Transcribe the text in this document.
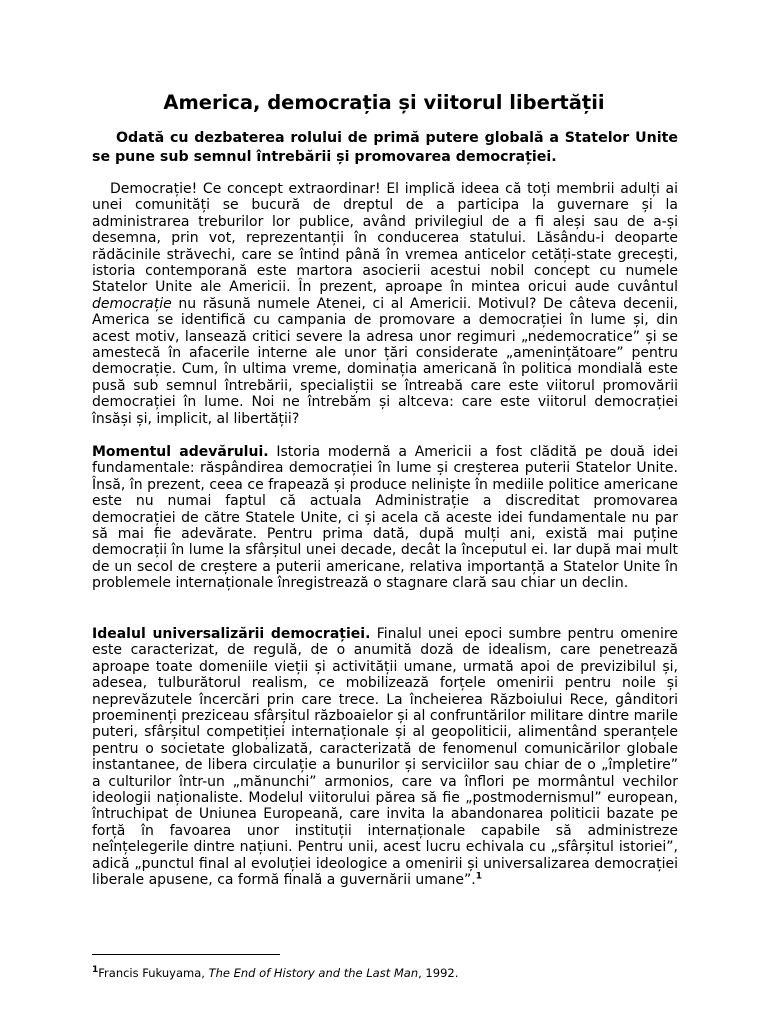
America, democrația și viitorul libertății

Odată cu dezbaterea rolului de primă putere globală a Statelor Unite se pune sub semnul întrebării și promovarea democrației.

Democrație! Ce concept extraordinar! El implică ideea că toți membrii adulți ai unei comunități se bucură de dreptul de a participa la guvernare și la administrarea treburilor lor publice, având privilegiul de a fi aleși sau de a-și desemna, prin vot, reprezentanții în conducerea statului. Lăsându-i deoparte rădăcinile străvechi, care se întind până în vremea anticelor cetăți-state grecești, istoria contemporană este martora asocierii acestui nobil concept cu numele Statelor Unite ale Americii. În prezent, aproape în mintea oricui aude cuvântul democrație nu răsună numele Atenei, ci al Americii. Motivul? De câteva decenii, America se identifică cu campania de promovare a democrației în lume și, din acest motiv, lansează critici severe la adresa unor regimuri „nedemocratice” și se amestecă în afacerile interne ale unor țări considerate „amenințătoare” pentru democrație. Cum, în ultima vreme, dominația americană în politica mondială este pusă sub semnul întrebării, specialiștii se întreabă care este viitorul promovării democrației în lume. Noi ne întrebăm și altceva: care este viitorul democrației însăși și, implicit, al libertății?

Momentul adevărului. Istoria modernă a Americii a fost clădită pe două idei fundamentale: răspândirea democrației în lume și creșterea puterii Statelor Unite. Însă, în prezent, ceea ce frapează și produce neliniște în mediile politice americane este nu numai faptul că actuala Administrație a discreditat promovarea democrației de către Statele Unite, ci și acela că aceste idei fundamentale nu par să mai fie adevărate. Pentru prima dată, după mulți ani, există mai puține democrații în lume la sfârșitul unei decade, decât la începutul ei. Iar după mai mult de un secol de creștere a puterii americane, relativa importanță a Statelor Unite în problemele internaționale înregistrează o stagnare clară sau chiar un declin.

Idealul universalizării democrației. Finalul unei epoci sumbre pentru omenire este caracterizat, de regulă, de o anumită doză de idealism, care penetrează aproape toate domeniile vieții și activității umane, urmată apoi de previzibilul și, adesea, tulburătorul realism, ce mobilizează forțele omenirii pentru noile și neprevăzutele încercări prin care trece. La încheierea Războiului Rece, gânditori proeminenți preziceau sfârșitul războaielor și al confruntărilor militare dintre marile puteri, sfârșitul competiției internaționale și al geopoliticii, alimentând speranțele pentru o societate globalizată, caracterizată de fenomenul comunicărilor globale instantanee, de libera circulație a bunurilor și serviciilor sau chiar de o „împletire” a culturilor într-un „mănunchi” armonios, care va înflori pe mormântul vechilor ideologii naționaliste. Modelul viitorului părea să fie „postmodernismul” european, întruchipat de Uniunea Europeană, care invita la abandonarea politicii bazate pe forță în favoarea unor instituții internaționale capabile să administreze neînțelegerile dintre națiuni. Pentru unii, acest lucru echivala cu „sfârșitul istoriei”, adică „punctul final al evoluției ideologice a omenirii și universalizarea democrației liberale apusene, ca formă finală a guvernării umane”.$^1$

$^1$Francis Fukuyama, The End of History and the Last Man, 1992.
